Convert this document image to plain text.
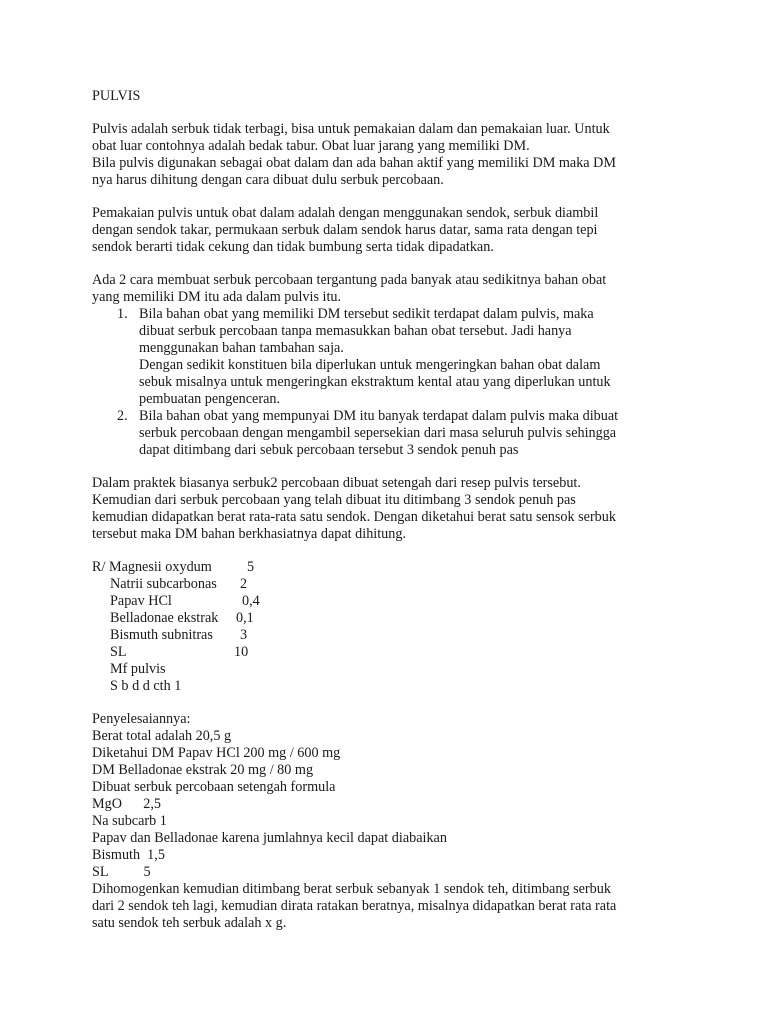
PULVIS
Pulvis adalah serbuk tidak terbagi, bisa untuk pemakaian dalam dan pemakaian luar. Untuk
obat luar contohnya adalah bedak tabur. Obat luar jarang yang memiliki DM.
Bila pulvis digunakan sebagai obat dalam dan ada bahan aktif yang memiliki DM maka DM
nya harus dihitung dengan cara dibuat dulu serbuk percobaan.
Pemakaian pulvis untuk obat dalam adalah dengan menggunakan sendok, serbuk diambil
dengan sendok takar, permukaan serbuk dalam sendok harus datar, sama rata dengan tepi
sendok berarti tidak cekung dan tidak bumbung serta tidak dipadatkan.
Ada 2 cara membuat serbuk percobaan tergantung pada banyak atau sedikitnya bahan obat
yang memiliki DM itu ada dalam pulvis itu.
1. Bila bahan obat yang memiliki DM tersebut sedikit terdapat dalam pulvis, maka
dibuat serbuk percobaan tanpa memasukkan bahan obat tersebut. Jadi hanya
menggunakan bahan tambahan saja.
Dengan sedikit konstituen bila diperlukan untuk mengeringkan bahan obat dalam
sebuk misalnya untuk mengeringkan ekstraktum kental atau yang diperlukan untuk
pembuatan pengenceran.
2. Bila bahan obat yang mempunyai DM itu banyak terdapat dalam pulvis maka dibuat
serbuk percobaan dengan mengambil sepersekian dari masa seluruh pulvis sehingga
dapat ditimbang dari sebuk percobaan tersebut 3 sendok penuh pas
Dalam praktek biasanya serbuk2 percobaan dibuat setengah dari resep pulvis tersebut.
Kemudian dari serbuk percobaan yang telah dibuat itu ditimbang 3 sendok penuh pas
kemudian didapatkan berat rata-rata satu sendok. Dengan diketahui berat satu sensok serbuk
tersebut maka DM bahan berkhasiatnya dapat dihitung.
R/ Magnesii oxydum 5
Natrii subcarbonas 2
Papav HCl	0,4
Belladonae ekstrak 0,1
Bismuth subnitras 3
SL	10
Mf pulvis
S b d d cth 1
Penyelesaiannya:
Berat total adalah 20,5 g
Diketahui DM Papav HCl 200 mg / 600 mg
DM Belladonae ekstrak 20 mg / 80 mg
Dibuat serbuk percobaan setengah formula
MgO      2,5
Na subcarb 1
Papav dan Belladonae karena jumlahnya kecil dapat diabaikan
Bismuth  1,5
SL          5
Dihomogenkan kemudian ditimbang berat serbuk sebanyak 1 sendok teh, ditimbang serbuk
dari 2 sendok teh lagi, kemudian dirata ratakan beratnya, misalnya didapatkan berat rata rata
satu sendok teh serbuk adalah x g.
